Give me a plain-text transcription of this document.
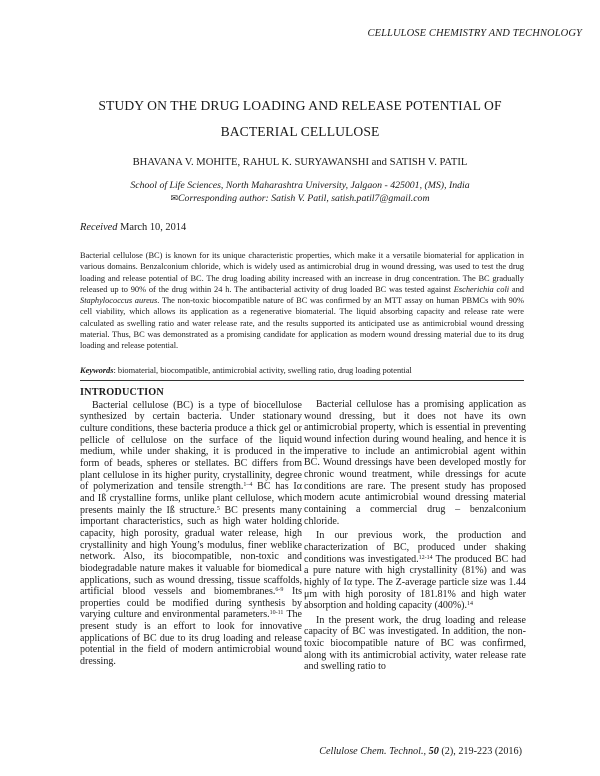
CELLULOSE CHEMISTRY AND TECHNOLOGY
STUDY ON THE DRUG LOADING AND RELEASE POTENTIAL OF
BACTERIAL CELLULOSE
BHAVANA V. MOHITE, RAHUL K. SURYAWANSHI and SATISH V. PATIL
School of Life Sciences, North Maharashtra University, Jalgaon - 425001, (MS), India
✉Corresponding author: Satish V. Patil, satish.patil7@gmail.com
Received March 10, 2014
Bacterial cellulose (BC) is known for its unique characteristic properties, which make it a versatile biomaterial for application in various domains. Benzalconium chloride, which is widely used as antimicrobial drug in wound dressing, was used to test the drug loading and release potential of BC. The drug loading ability increased with an increase in drug concentration. The BC gradually released up to 90% of the drug within 24 h. The antibacterial activity of drug loaded BC was tested against Escherichia coli and Staphylococcus aureus. The non-toxic biocompatible nature of BC was confirmed by an MTT assay on human PBMCs with 90% cell viability, which allows its application as a regenerative biomaterial. The liquid absorbing capacity and release rate were calculated as swelling ratio and water release rate, and the results supported its anticipated use as antimicrobial wound dressing material. Thus, BC was demonstrated as a promising candidate for application as modern wound dressing material due to its drug loading and release potential.
Keywords: biomaterial, biocompatible, antimicrobial activity, swelling ratio, drug loading potential
INTRODUCTION

Bacterial cellulose (BC) is a type of biocellulose synthesized by certain bacteria. Under stationary culture conditions, these bacteria produce a thick gel or pellicle of cellulose on the surface of the liquid medium, while under shaking, it is produced in the form of beads, spheres or stellates. BC differs from plant cellulose in its higher purity, crystallinity, degree of polymerization and tensile strength.$^{1-4}$ BC has Iα and Iß crystalline forms, unlike plant cellulose, which presents mainly the Iß structure.$^5$ BC presents many important characteristics, such as high water holding capacity, high porosity, gradual water release, high crystallinity and high Young’s modulus, finer weblike network. Also, its biocompatible, non-toxic and biodegradable nature makes it valuable for biomedical applications, such as wound dressing, tissue scaffolds, artificial blood vessels and biomembranes.$^{6-9}$ Its properties could be modified during synthesis by varying culture and environmental parameters.$^{10-11}$ The present study is an effort to look for innovative applications of BC due to its drug loading and release potential in the field of modern antimicrobial wound dressing.

Bacterial cellulose has a promising application as wound dressing, but it does not have its own antimicrobial property, which is essential in preventing wound infection during wound healing, and hence it is imperative to include an antimicrobial agent within BC. Wound dressings have been developed mostly for chronic wound treatment, while dressings for acute conditions are rare. The present study has proposed modern acute antimicrobial wound dressing material containing a commercial drug – benzalconium chloride.

In our previous work, the production and characterization of BC, produced under shaking conditions was investigated.$^{12-14}$ The produced BC had a pure nature with high crystallinity (81%) and was highly of Iα type. The Z-average particle size was 1.44 μm with high porosity of 181.81% and high water absorption and holding capacity (400%).$^{14}$

In the present work, the drug loading and release capacity of BC was investigated. In addition, the non-toxic biocompatible nature of BC was confirmed, along with its antimicrobial activity, water release rate and swelling ratio to

Cellulose Chem. Technol., 50 (2), 219-223 (2016)
